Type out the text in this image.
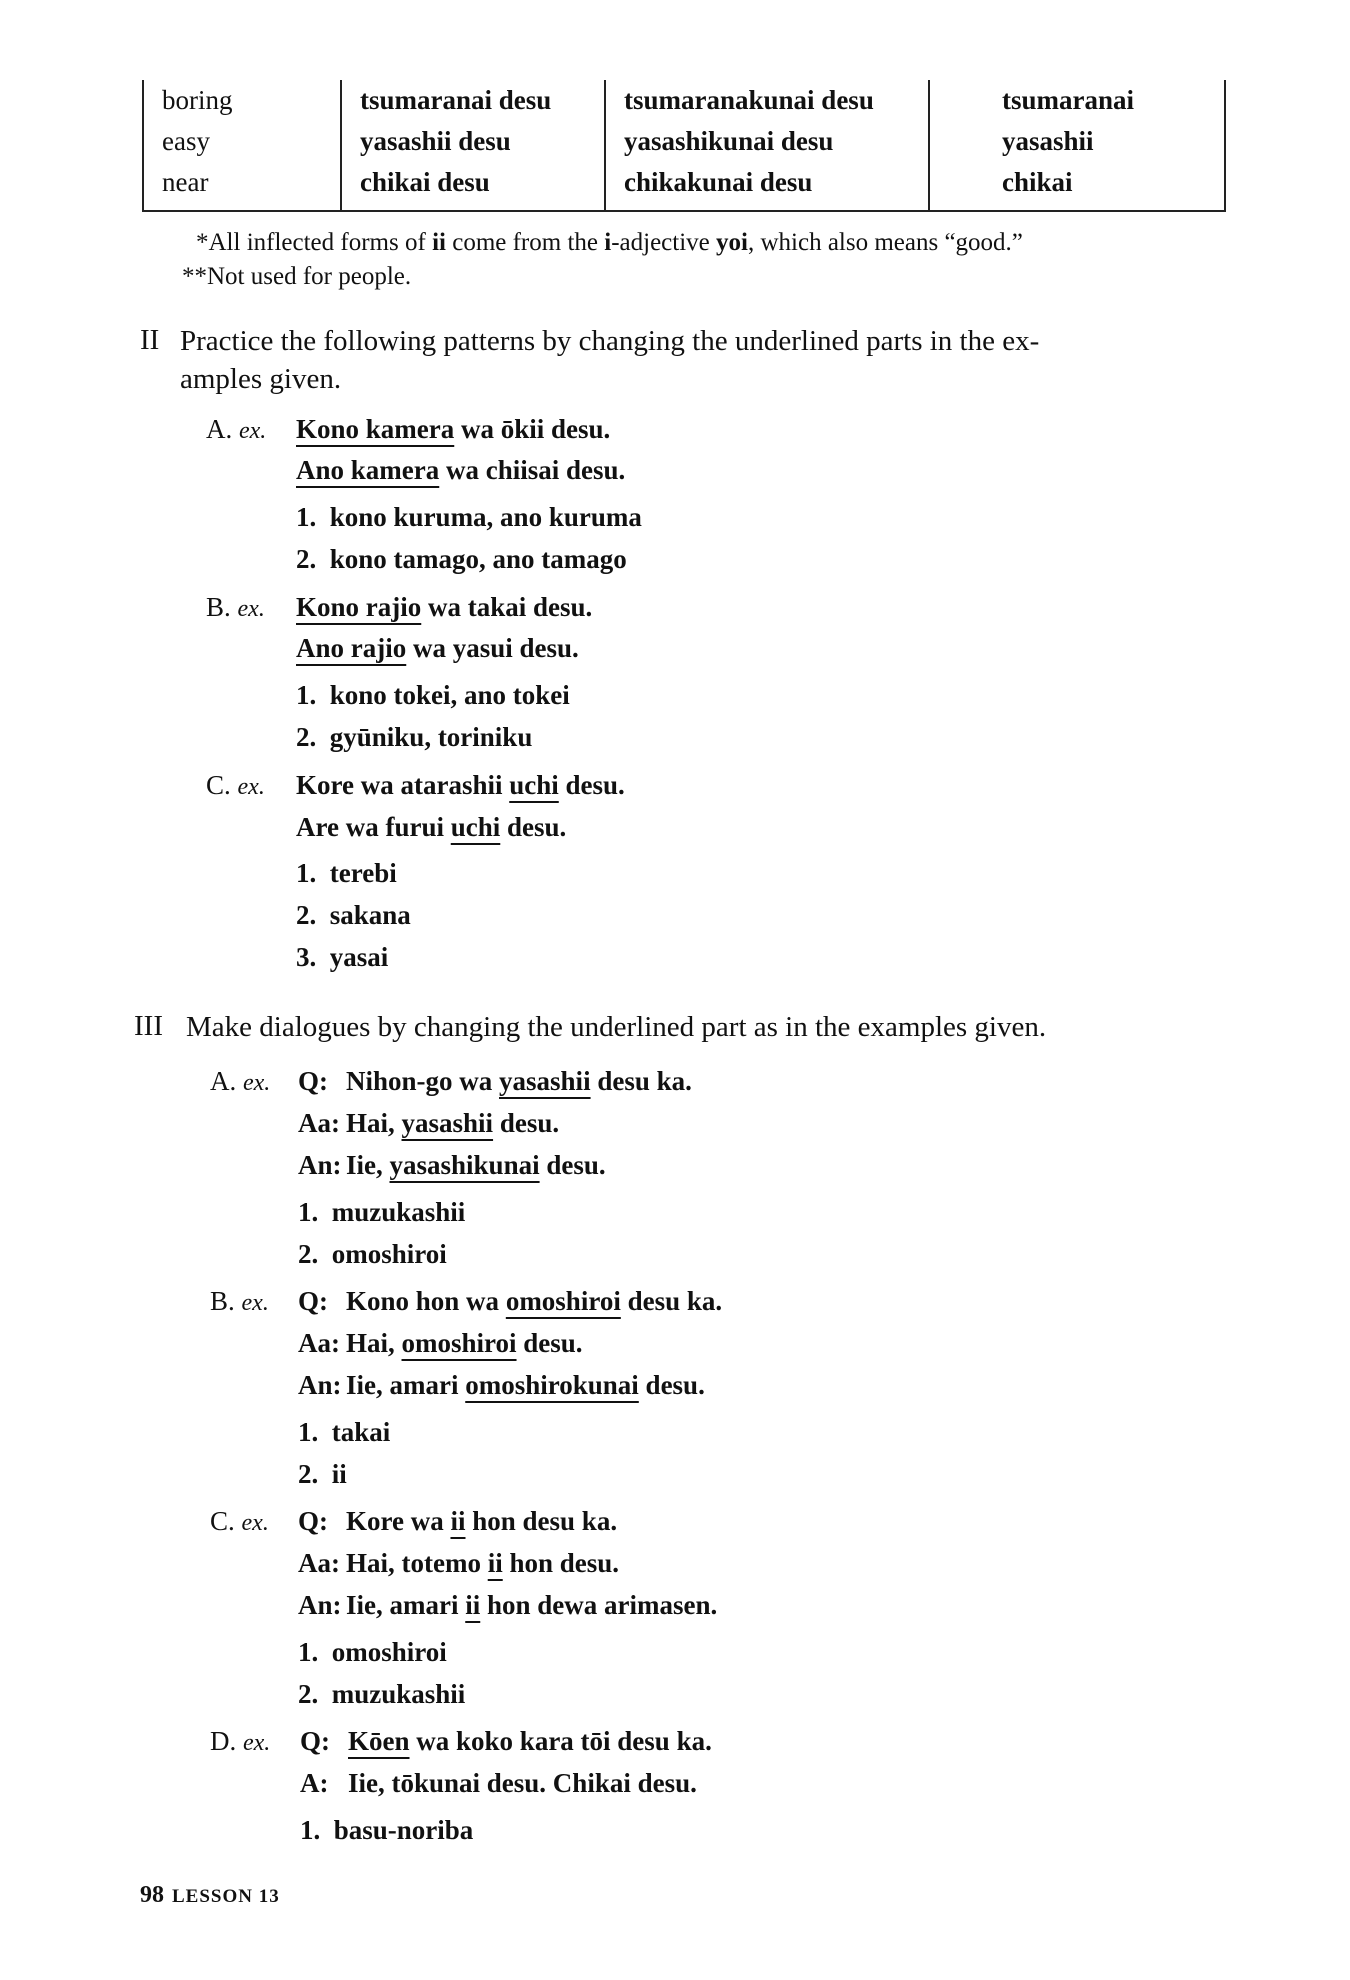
boring
easy
near
tsumaranai desu
yasashii desu
chikai desu
tsumaranakunai desu
yasashikunai desu
chikakunai desu
tsumaranai
yasashii
chikai
*All inflected forms of ii come from the i-adjective yoi, which also means “good.”
**Not used for people.
II Practice the following patterns by changing the underlined parts in the ex-
amples given.
A. ex. Kono kamera wa ōkii desu.
Ano kamera wa chiisai desu.
1. kono kuruma, ano kuruma
2. kono tamago, ano tamago
B. ex. Kono rajio wa takai desu.
Ano rajio wa yasui desu.
1. kono tokei, ano tokei
2. gyūniku, toriniku
C. ex. Kore wa atarashii uchi desu.
Are wa furui uchi desu.
1. terebi
2. sakana
3. yasai
III Make dialogues by changing the underlined part as in the examples given.
A. ex. Q: Nihon-go wa yasashii desu ka.
Aa: Hai, yasashii desu.
An: Iie, yasashikunai desu.
1. muzukashii
2. omoshiroi
B. ex. Q: Kono hon wa omoshiroi desu ka.
Aa: Hai, omoshiroi desu.
An: Iie, amari omoshirokunai desu.
1. takai
2. ii
C. ex. Q: Kore wa ii hon desu ka.
Aa: Hai, totemo ii hon desu.
An: Iie, amari ii hon dewa arimasen.
1. omoshiroi
2. muzukashii
D. ex. Q: Kōen wa koko kara tōi desu ka.
A: Iie, tōkunai desu. Chikai desu.
1. basu-noriba
98 LESSON 13
